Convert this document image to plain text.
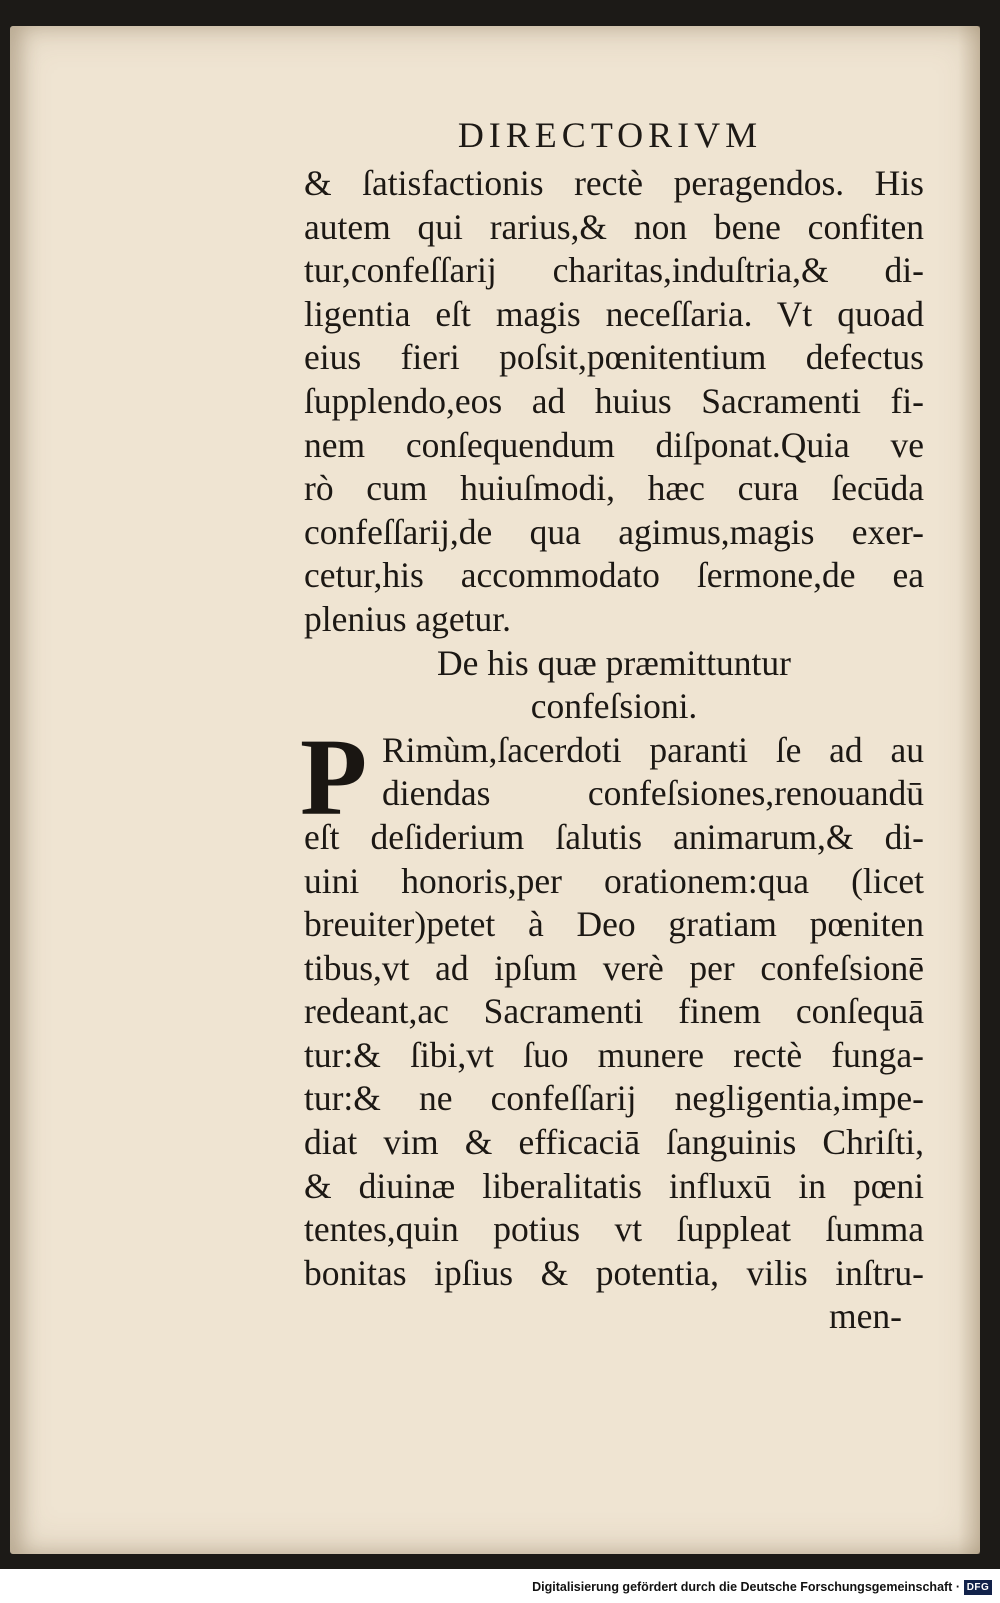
DIRECTORIVM
& ſatisfactionis rectè peragendos. His
autem qui rarius,& non bene confiten
tur,confeſſarij charitas,induſtria,& di-
ligentia eſt magis neceſſaria. Vt quoad
eius fieri poſsit,pœnitentium defectus
ſupplendo,eos ad huius Sacramenti fi-
nem conſequendum diſponat.Quia ve
rò cum huiuſmodi, hæc cura ſecūda
confeſſarij,de qua agimus,magis exer-
cetur,his accommodato ſermone,de ea
plenius agetur.
De his quæ præmittuntur
confeſsioni.
P Rimùm,ſacerdoti paranti ſe ad au
diendas confeſsiones,renouandū
eſt deſiderium ſalutis animarum,& di-
uini honoris,per orationem:qua (licet
breuiter)petet à Deo gratiam pœniten
tibus,vt ad ipſum verè per confeſsionē
redeant,ac Sacramenti finem conſequā
tur:& ſibi,vt ſuo munere rectè funga-
tur:& ne confeſſarij negligentia,impe-
diat vim & efficaciā ſanguinis Chriſti,
& diuinæ liberalitatis influxū in pœni
tentes,quin potius vt ſuppleat ſumma
bonitas ipſius & potentia, vilis inſtru-
men-
Digitalisierung gefördert durch die Deutsche Forschungsgemeinschaft · DFG
